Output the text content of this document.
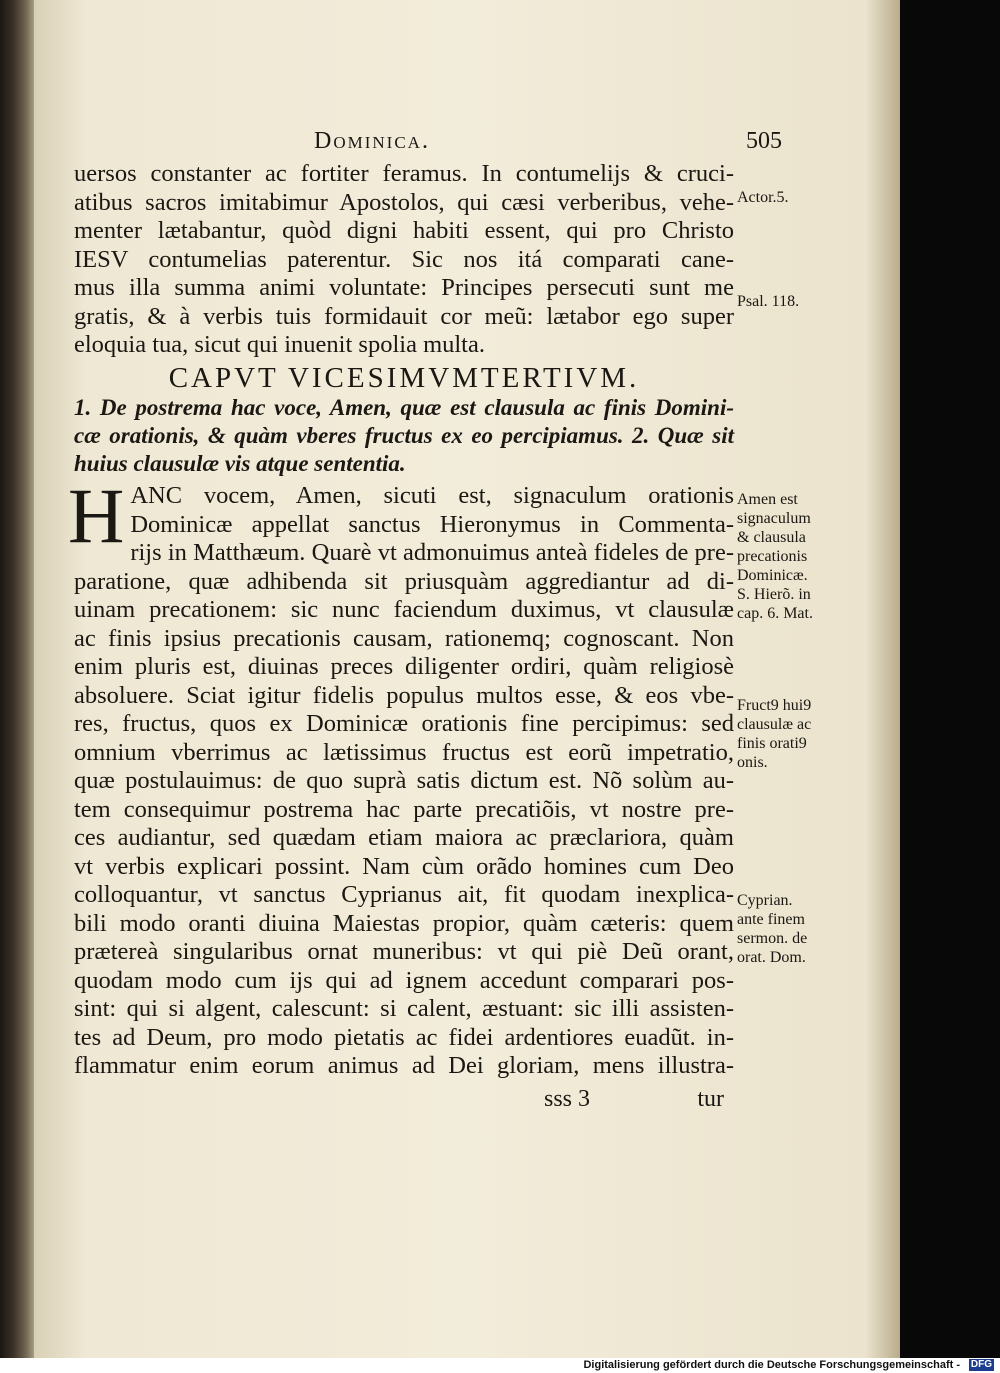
Dominica.	505
uersos constanter ac fortiter feramus. In contumelijs & cruci-
atibus sacros imitabimur Apostolos, qui cæsi verberibus, vehe-
menter lætabantur, quòd digni habiti essent, qui pro Christo
IESV contumelias paterentur. Sic nos itá comparati cane-
mus illa summa animi voluntate: Principes persecuti sunt me
gratis, & à verbis tuis formidauit cor meũ: lætabor ego super
eloquia tua, sicut qui inuenit spolia multa.
CAPVT VICESIMVMTERTIVM.
1. De postrema hac voce, Amen, quæ est clausula ac finis Domini-
cæ orationis, & quàm vberes fructus ex eo percipiamus. 2. Quæ sit
huius clausulæ vis atque sententia.
H ANC vocem, Amen, sicuti est, signaculum orationis
Dominicæ appellat sanctus Hieronymus in Commenta-
rijs in Matthæum. Quarè vt admonuimus anteà fideles de pre-
paratione, quæ adhibenda sit priusquàm aggrediantur ad di-
uinam precationem: sic nunc faciendum duximus, vt clausulæ
ac finis ipsius precationis causam, rationemq; cognoscant. Non
enim pluris est, diuinas preces diligenter ordiri, quàm religiosè
absoluere. Sciat igitur fidelis populus multos esse, & eos vbe-
res, fructus, quos ex Dominicæ orationis fine percipimus: sed
omnium vberrimus ac lætissimus fructus est eorũ impetratio,
quæ postulauimus: de quo suprà satis dictum est. Nõ solùm au-
tem consequimur postrema hac parte precatiõis, vt nostre pre-
ces audiantur, sed quædam etiam maiora ac præclariora, quàm
vt verbis explicari possint. Nam cùm orãdo homines cum Deo
colloquantur, vt sanctus Cyprianus ait, fit quodam inexplica-
bili modo oranti diuina Maiestas propior, quàm cæteris: quem
prætereà singularibus ornat muneribus: vt qui piè Deũ orant,
quodam modo cum ijs qui ad ignem accedunt comparari pos-
sint: qui si algent, calescunt: si calent, æstuant: sic illi assisten-
tes ad Deum, pro modo pietatis ac fidei ardentiores euadũt. in-
flammatur enim eorum animus ad Dei gloriam, mens illustra-
sss 3	tur
Actor.5.
Psal. 118.
Amen est
signaculum
& clausula
precationis
Dominicæ.
S. Hierõ. in
cap. 6. Mat.
Fruct9 hui9
clausulæ ac
finis orati9
onis.
Cyprian.
ante finem
sermon. de
orat. Dom.
Digitalisierung gefördert durch die Deutsche Forschungsgemeinschaft - DFG
